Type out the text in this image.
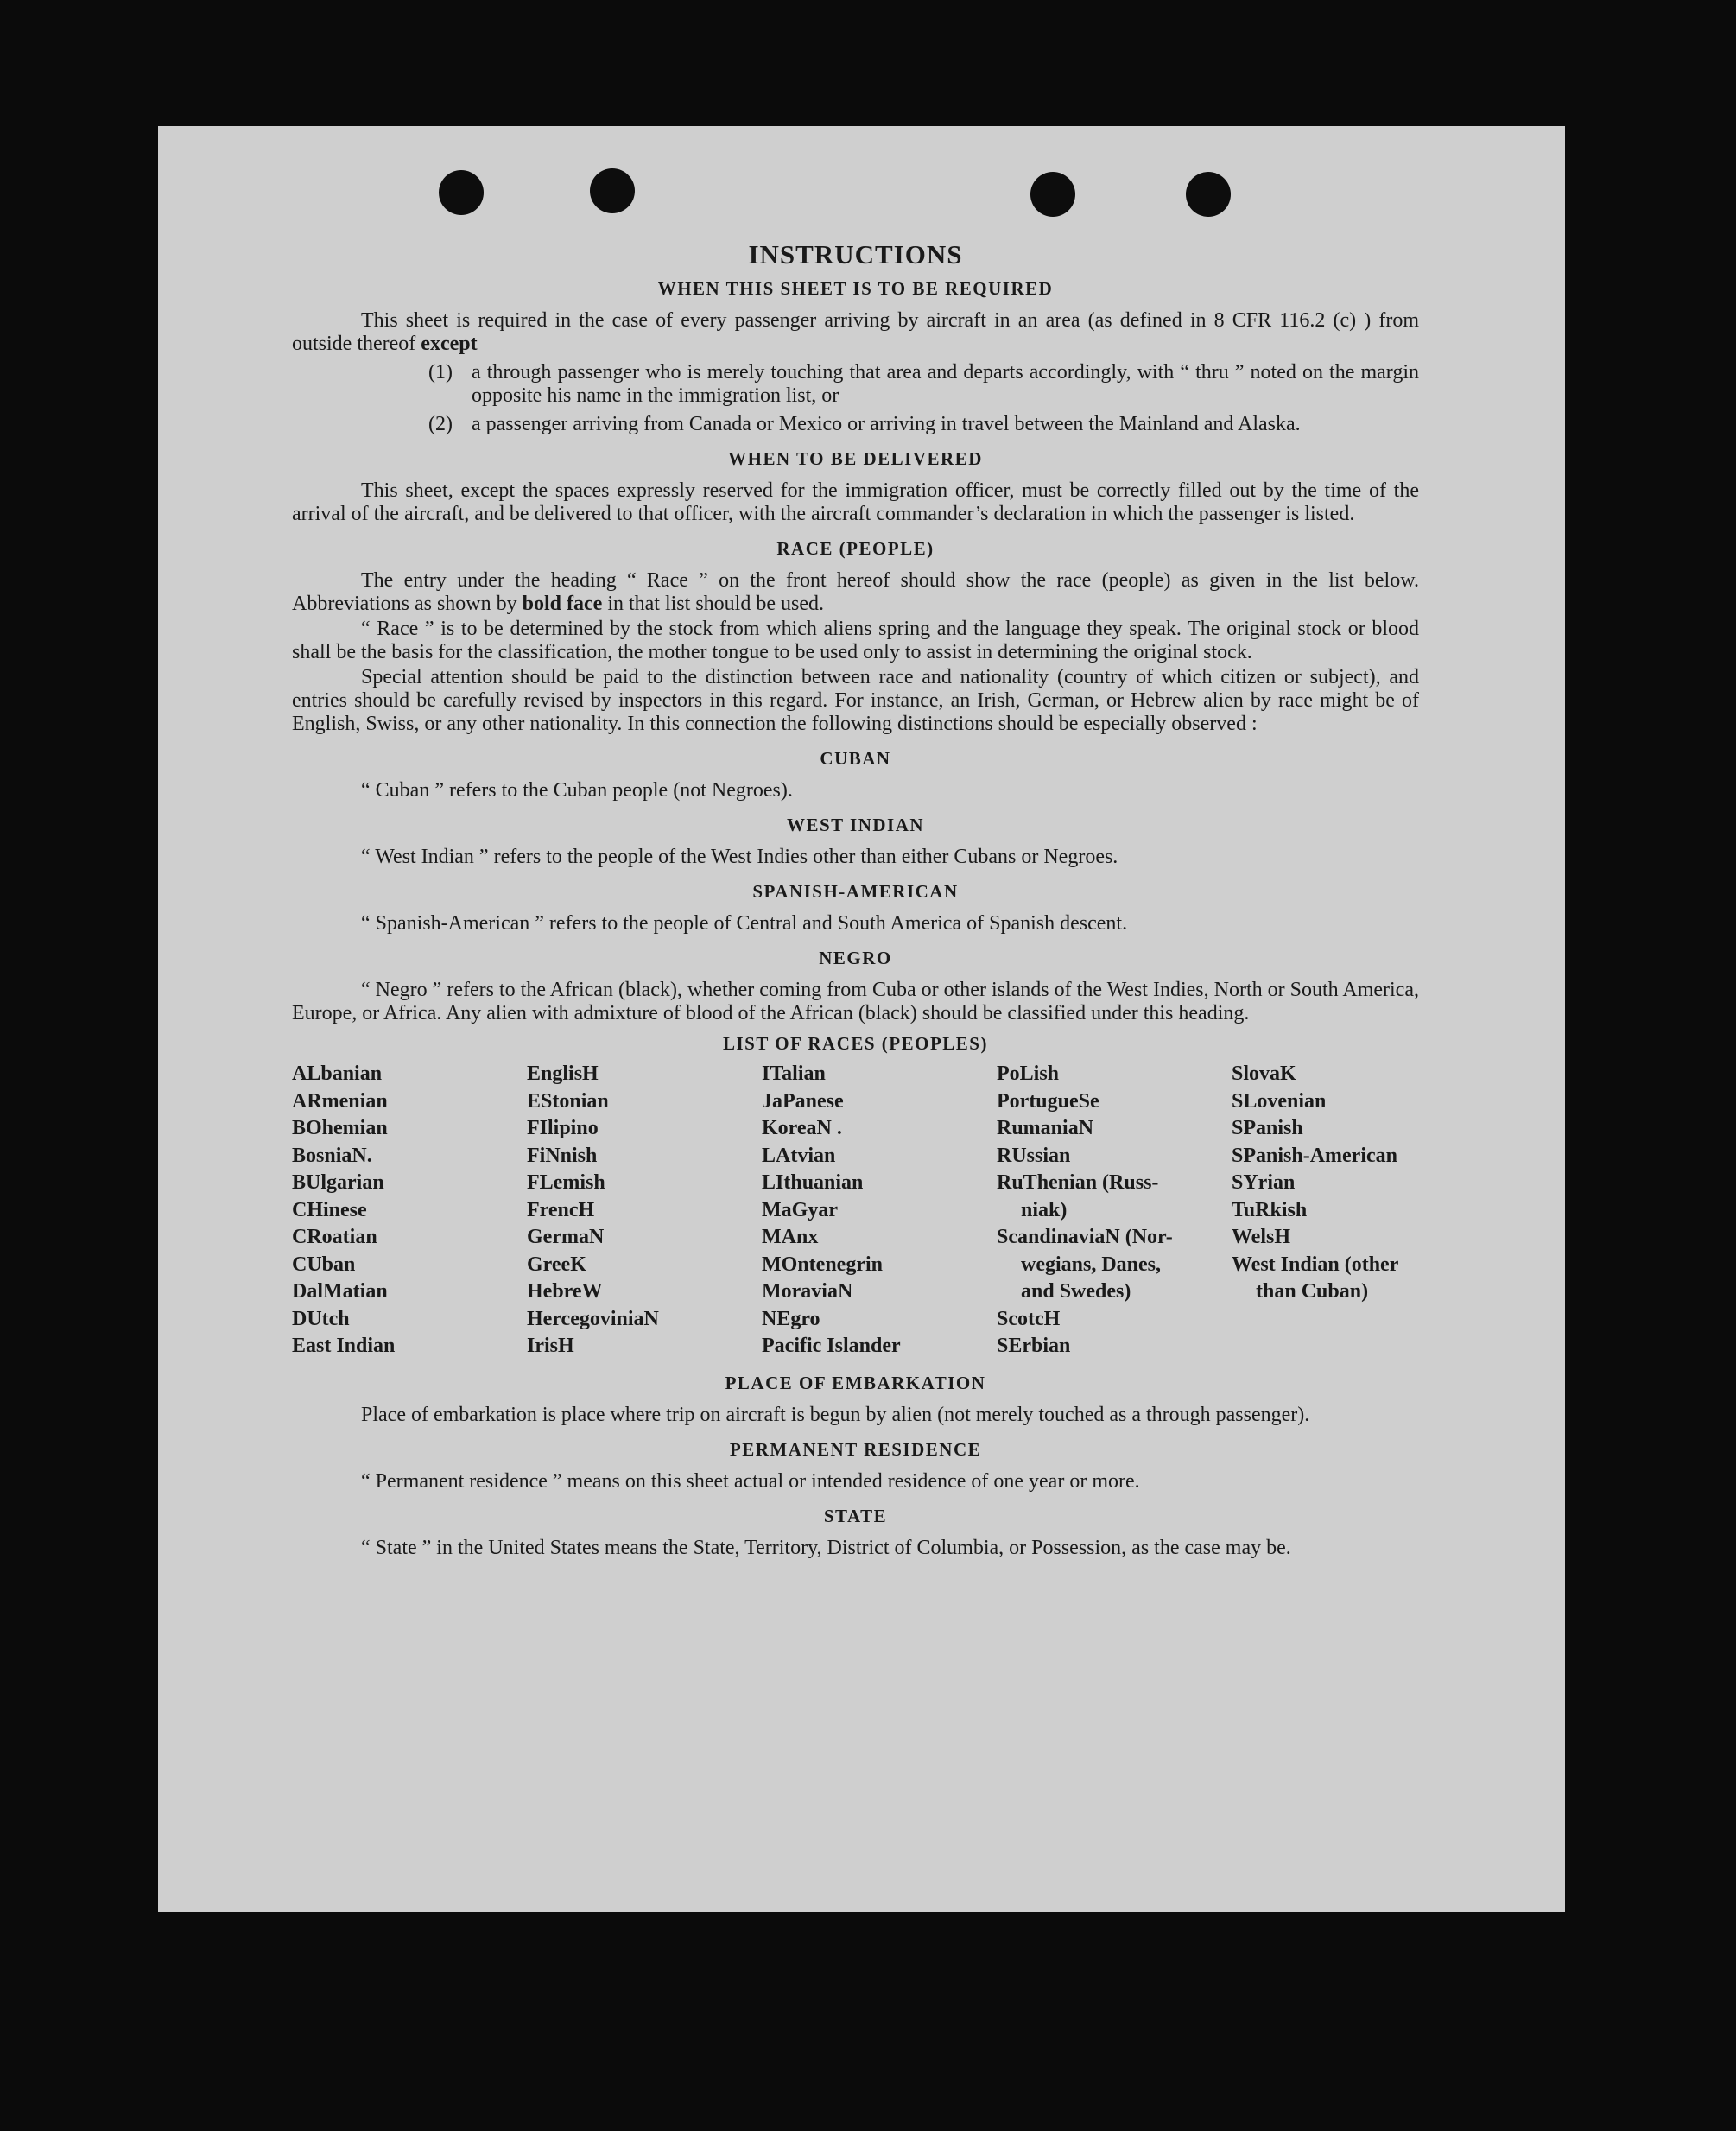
INSTRUCTIONS
WHEN THIS SHEET IS TO BE REQUIRED

This sheet is required in the case of every passenger arriving by aircraft in an area (as defined in 8 CFR 116.2 (c) ) from outside thereof except

(1) a through passenger who is merely touching that area and departs accordingly, with “ thru ” noted on the margin opposite his name in the immigration list, or
(2) a passenger arriving from Canada or Mexico or arriving in travel between the Mainland and Alaska.
WHEN TO BE DELIVERED

This sheet, except the spaces expressly reserved for the immigration officer, must be correctly filled out by the time of the arrival of the aircraft, and be delivered to that officer, with the aircraft commander’s declaration in which the passenger is listed.

RACE (PEOPLE)

The entry under the heading “ Race ” on the front hereof should show the race (people) as given in the list below. Abbreviations as shown by bold face in that list should be used.

“ Race ” is to be determined by the stock from which aliens spring and the language they speak. The original stock or blood shall be the basis for the classification, the mother tongue to be used only to assist in determining the original stock.

Special attention should be paid to the distinction between race and nationality (country of which citizen or subject), and entries should be carefully revised by inspectors in this regard. For instance, an Irish, German, or Hebrew alien by race might be of English, Swiss, or any other nationality. In this connection the following distinctions should be especially observed :

CUBAN

“ Cuban ” refers to the Cuban people (not Negroes).

WEST INDIAN

“ West Indian ” refers to the people of the West Indies other than either Cubans or Negroes.

SPANISH-AMERICAN

“ Spanish-American ” refers to the people of Central and South America of Spanish descent.

NEGRO

“ Negro ” refers to the African (black), whether coming from Cuba or other islands of the West Indies, North or South America, Europe, or Africa. Any alien with admixture of blood of the African (black) should be classified under this heading.

LIST OF RACES (PEOPLES)
ALbanian
ARmenian
BOhemian
BosniaN.
BUlgarian
CHinese
CRoatian
CUban
DalMatian
DUtch
East Indian
EnglisH
EStonian
FIlipino
FiNnish
FLemish
FrencH
GermaN
GreeK
HebreW
HercegoviniaN
IrisH
ITalian
JaPanese
KoreaN .
LAtvian
LIthuanian
MaGyar
MAnx
MOntenegrin
MoraviaN
NEgro
Pacific Islander
PoLish
PortugueSe
RumaniaN
RUssian
RuThenian (Russ-
niak)
ScandinaviaN (Nor-
wegians, Danes,
and Swedes)
ScotcH
SErbian
SlovaK
SLovenian
SPanish
SPanish-American
SYrian
TuRkish
WelsH
West Indian (other
than Cuban)
PLACE OF EMBARKATION

Place of embarkation is place where trip on aircraft is begun by alien (not merely touched as a through passenger).

PERMANENT RESIDENCE

“ Permanent residence ” means on this sheet actual or intended residence of one year or more.

STATE

“ State ” in the United States means the State, Territory, District of Columbia, or Possession, as the case may be.
